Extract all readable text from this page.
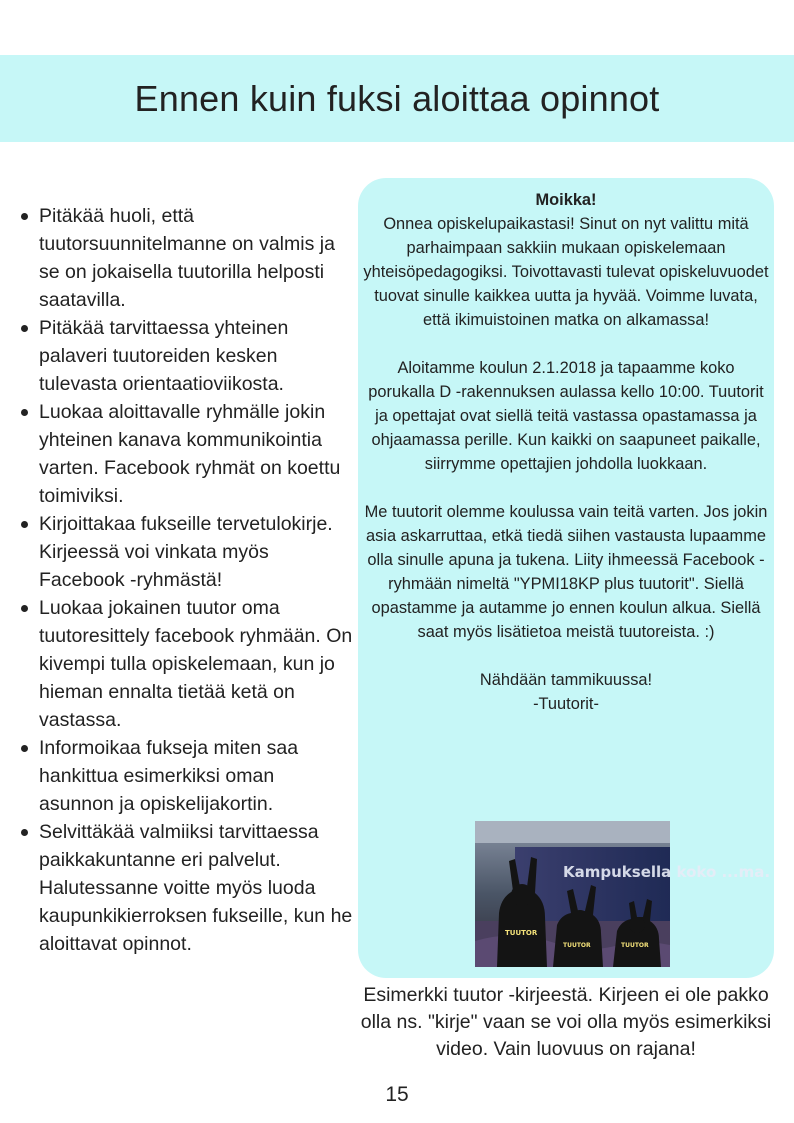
Ennen kuin fuksi aloittaa opinnot
Pitäkää huoli, että tuutorsuunnitelmanne on valmis ja se on jokaisella tuutorilla helposti saatavilla.
Pitäkää tarvittaessa yhteinen palaveri tuutoreiden kesken tulevasta orientaatioviikosta.
Luokaa aloittavalle ryhmälle jokin yhteinen kanava kommunikointia varten. Facebook ryhmät on koettu toimiviksi.
Kirjoittakaa fukseille tervetulokirje. Kirjeessä voi vinkata myös Facebook -ryhmästä!
Luokaa jokainen tuutor oma tuutoresittely facebook ryhmään. On kivempi tulla opiskelemaan, kun jo hieman ennalta tietää ketä on vastassa.
Informoikaa fukseja miten saa hankittua esimerkiksi oman asunnon ja opiskelijakortin.
Selvittäkää valmiiksi tarvittaessa paikkakuntanne eri palvelut. Halutessanne voitte myös luoda kaupunkikierroksen fukseille, kun he aloittavat opinnot.

Moikka!

Onnea opiskelupaikastasi! Sinut on nyt valittu mitä parhaimpaan sakkiin mukaan opiskelemaan yhteisöpedagogiksi. Toivottavasti tulevat opiskeluvuodet tuovat sinulle kaikkea uutta ja hyvää. Voimme luvata, että ikimuistoinen matka on alkamassa!

Aloitamme koulun 2.1.2018 ja tapaamme koko porukalla D -rakennuksen aulassa kello 10:00. Tuutorit ja opettajat ovat siellä teitä vastassa opastamassa ja ohjaamassa perille. Kun kaikki on saapuneet paikalle, siirrymme opettajien johdolla luokkaan.

Me tuutorit olemme koulussa vain teitä varten. Jos jokin asia askarruttaa, etkä tiedä siihen vastausta lupaamme olla sinulle apuna ja tukena. Liity ihmeessä Facebook -ryhmään nimeltä "YPMI18KP plus tuutorit". Siellä opastamme ja autamme jo ennen koulun alkua. Siellä saat myös lisätietoa meistä tuutoreista. :)

Nähdään tammikuussa!

-Tuutorit-

Kampuksella koko ...ma.
TUUTOR
TUUTOR	TUUTOR
Esimerkki tuutor -kirjeestä. Kirjeen ei ole pakko olla ns. "kirje" vaan se voi olla myös esimerkiksi video. Vain luovuus on rajana!
15
